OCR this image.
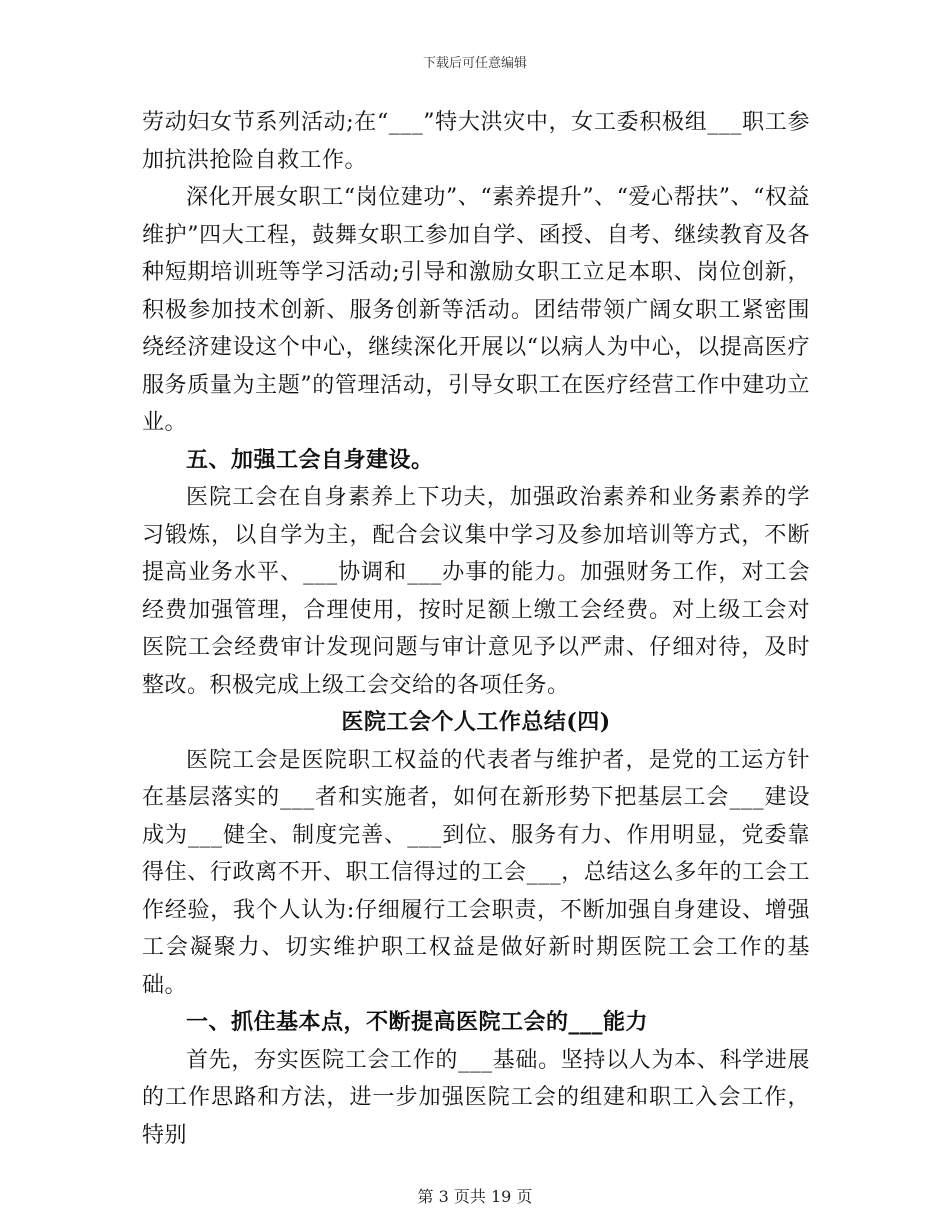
下载后可任意编辑

劳动妇女节系列活动;在“___”特大洪灾中，女工委积极组___职工参加抗洪抢险自救工作。

深化开展女职工“岗位建功”、“素养提升”、“爱心帮扶”、“权益维护”四大工程，鼓舞女职工参加自学、函授、自考、继续教育及各种短期培训班等学习活动;引导和激励女职工立足本职、岗位创新，积极参加技术创新、服务创新等活动。团结带领广阔女职工紧密围绕经济建设这个中心，继续深化开展以“以病人为中心，以提高医疗服务质量为主题”的管理活动，引导女职工在医疗经营工作中建功立业。

五、加强工会自身建设。

医院工会在自身素养上下功夫，加强政治素养和业务素养的学习锻炼，以自学为主，配合会议集中学习及参加培训等方式，不断提高业务水平、___协调和___办事的能力。加强财务工作，对工会经费加强管理，合理使用，按时足额上缴工会经费。对上级工会对医院工会经费审计发现问题与审计意见予以严肃、仔细对待，及时整改。积极完成上级工会交给的各项任务。

医院工会个人工作总结(四)

医院工会是医院职工权益的代表者与维护者，是党的工运方针在基层落实的___者和实施者，如何在新形势下把基层工会___建设成为___健全、制度完善、___到位、服务有力、作用明显，党委靠得住、行政离不开、职工信得过的工会___，总结这么多年的工会工作经验，我个人认为:仔细履行工会职责，不断加强自身建设、增强工会凝聚力、切实维护职工权益是做好新时期医院工会工作的基础。

一、抓住基本点，不断提高医院工会的___能力

首先，夯实医院工会工作的___基础。坚持以人为本、科学进展的工作思路和方法，进一步加强医院工会的组建和职工入会工作，特别

第 3 页共 19 页
